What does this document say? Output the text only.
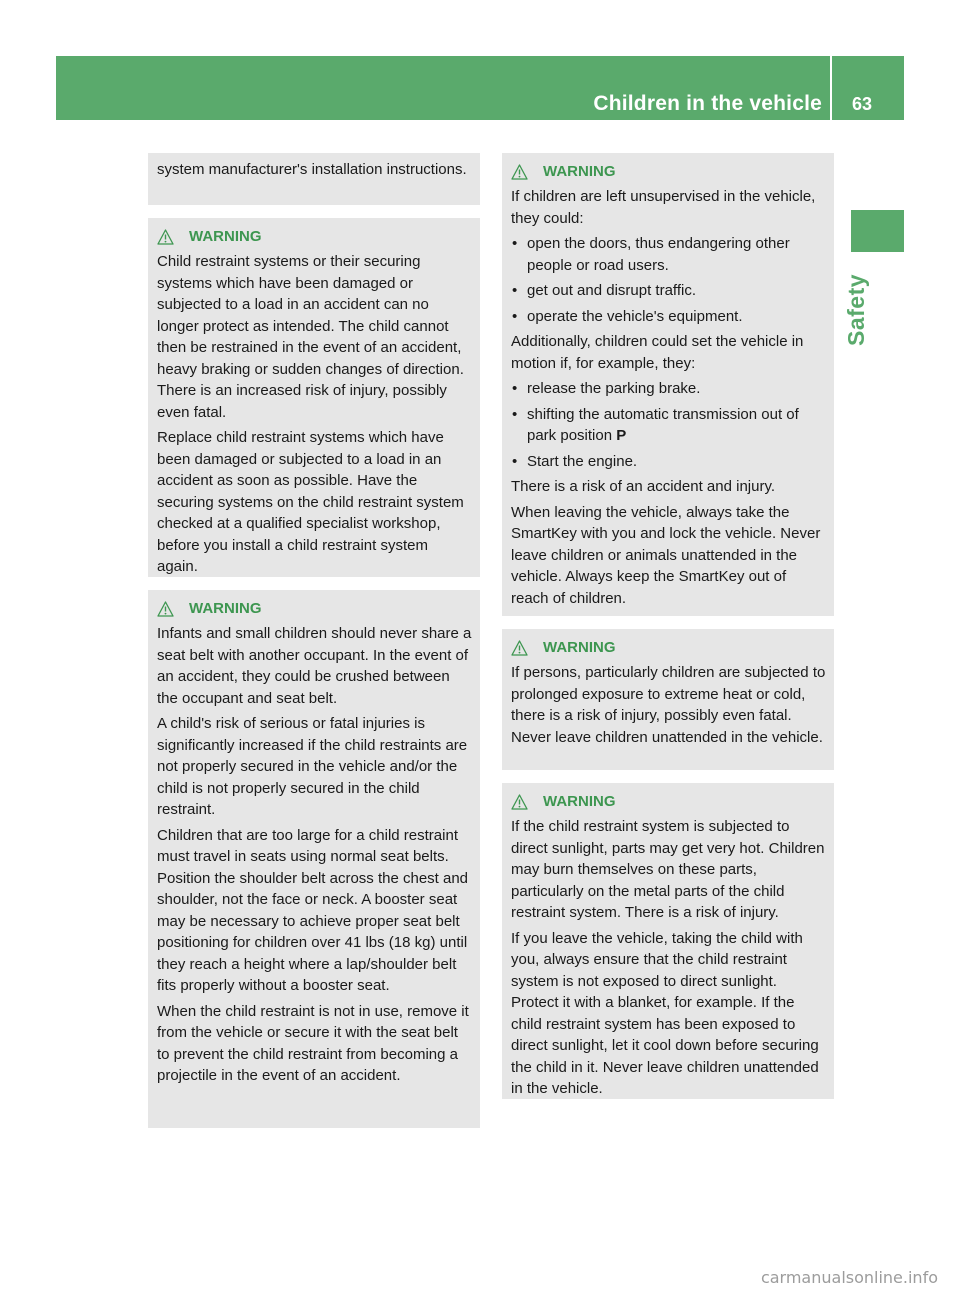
Children in the vehicle 63
Safety

system manufacturer's installation instructions.

WARNING

Child restraint systems or their securing systems which have been damaged or subjected to a load in an accident can no longer protect as intended. The child cannot then be restrained in the event of an accident, heavy braking or sudden changes of direction. There is an increased risk of injury, possibly even fatal.

Replace child restraint systems which have been damaged or subjected to a load in an accident as soon as possible. Have the securing systems on the child restraint system checked at a qualified specialist workshop, before you install a child restraint system again.

WARNING

Infants and small children should never share a seat belt with another occupant. In the event of an accident, they could be crushed between the occupant and seat belt.

A child's risk of serious or fatal injuries is significantly increased if the child restraints are not properly secured in the vehicle and/or the child is not properly secured in the child restraint.

Children that are too large for a child restraint must travel in seats using normal seat belts. Position the shoulder belt across the chest and shoulder, not the face or neck. A booster seat may be necessary to achieve proper seat belt positioning for children over 41 lbs (18 kg) until they reach a height where a lap/shoulder belt fits properly without a booster seat.

When the child restraint is not in use, remove it from the vehicle or secure it with the seat belt to prevent the child restraint from becoming a projectile in the event of an accident.

WARNING

If children are left unsupervised in the vehicle, they could:

• open the doors, thus endangering other people or road users.
• get out and disrupt traffic.
• operate the vehicle's equipment.

Additionally, children could set the vehicle in motion if, for example, they:

• release the parking brake.
• shifting the automatic transmission out of park position P
• Start the engine.

There is a risk of an accident and injury.

When leaving the vehicle, always take the SmartKey with you and lock the vehicle. Never leave children or animals unattended in the vehicle. Always keep the SmartKey out of reach of children.

WARNING

If persons, particularly children are subjected to prolonged exposure to extreme heat or cold, there is a risk of injury, possibly even fatal. Never leave children unattended in the vehicle.

WARNING

If the child restraint system is subjected to direct sunlight, parts may get very hot. Children may burn themselves on these parts, particularly on the metal parts of the child restraint system. There is a risk of injury.

If you leave the vehicle, taking the child with you, always ensure that the child restraint system is not exposed to direct sunlight. Protect it with a blanket, for example. If the child restraint system has been exposed to direct sunlight, let it cool down before securing the child in it. Never leave children unattended in the vehicle.

carmanualsonline.info
